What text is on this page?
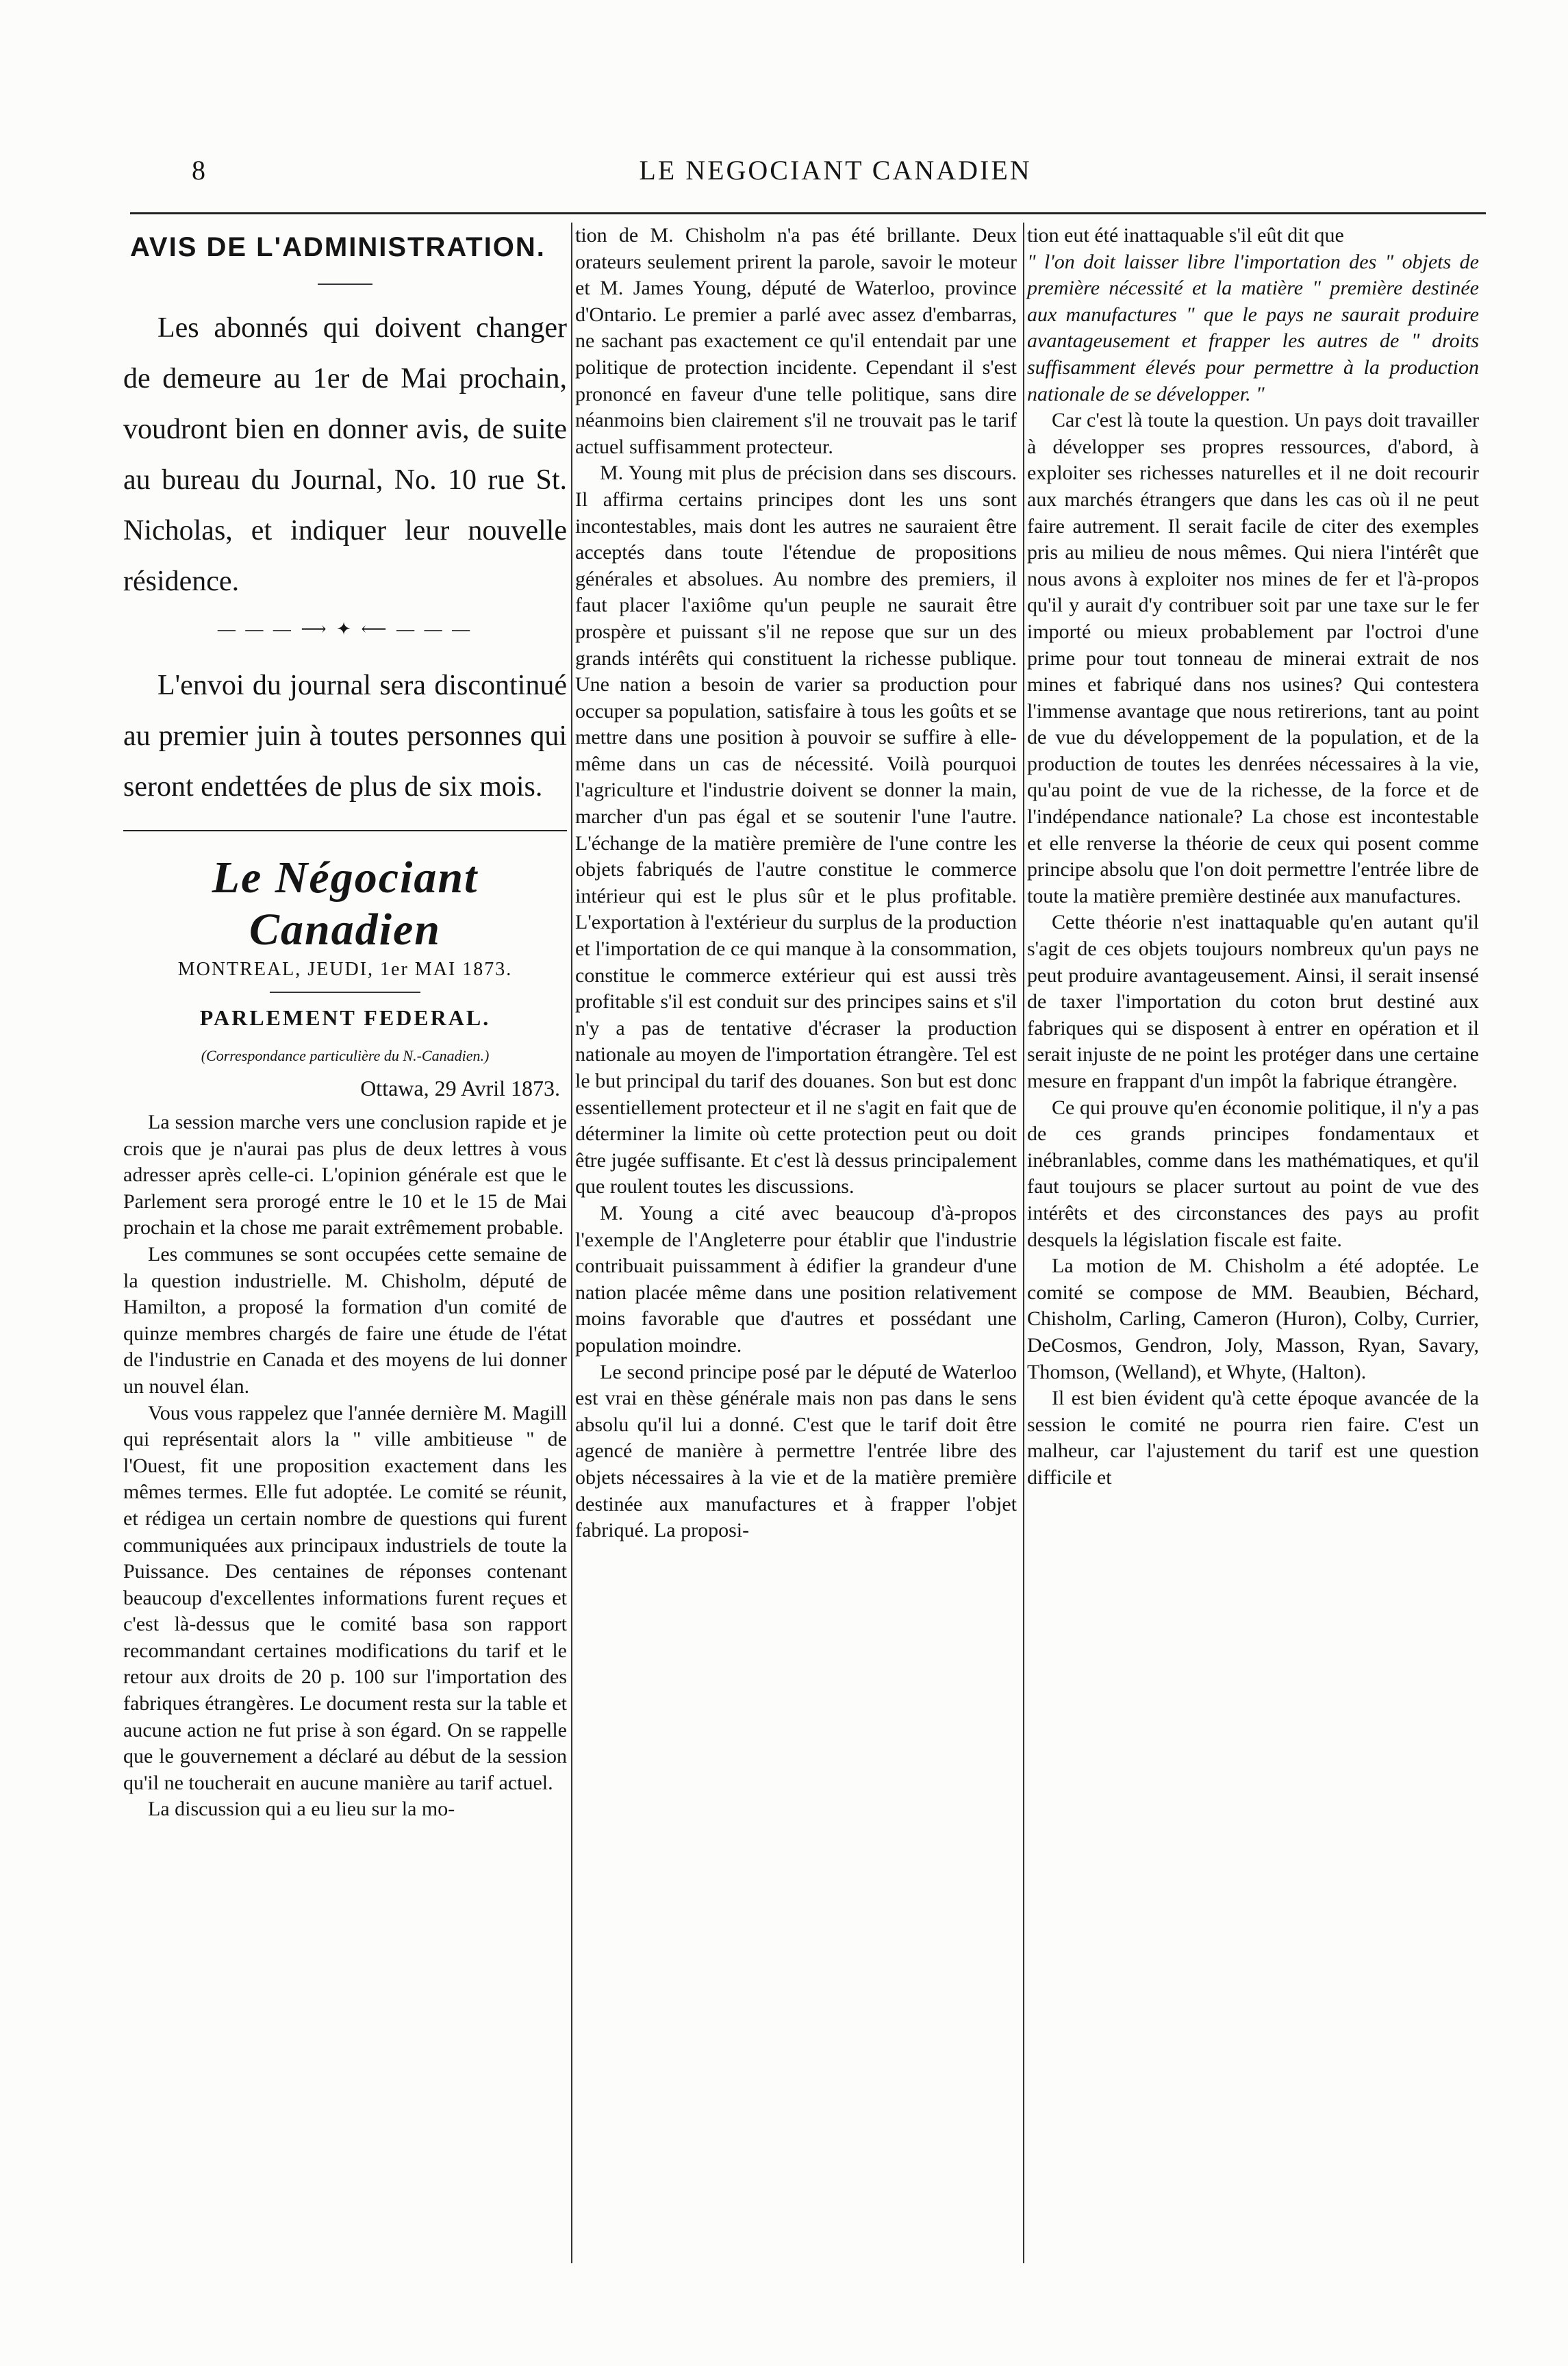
8	LE NEGOCIANT CANADIEN
AVIS DE L'ADMINISTRATION.

Les abonnés qui doivent changer de demeure au 1er de Mai prochain, voudront bien en donner avis, de suite au bureau du Journal, No. 10 rue St. Nicholas, et indiquer leur nouvelle résidence.

— — — ⟶ ✦ ⟵ — — —

L'envoi du journal sera discontinué au premier juin à toutes personnes qui seront endettées de plus de six mois.

Le Négociant Canadien
MONTREAL, JEUDI, 1er MAI 1873.
PARLEMENT FEDERAL.
(Correspondance particulière du N.-Canadien.)
Ottawa, 29 Avril 1873.

La session marche vers une conclusion rapide et je crois que je n'aurai pas plus de deux lettres à vous adresser après celle-ci. L'opinion générale est que le Parlement sera prorogé entre le 10 et le 15 de Mai prochain et la chose me parait extrêmement probable.

Les communes se sont occupées cette semaine de la question industrielle. M. Chisholm, député de Hamilton, a proposé la formation d'un comité de quinze membres chargés de faire une étude de l'état de l'industrie en Canada et des moyens de lui donner un nouvel élan.

Vous vous rappelez que l'année dernière M. Magill qui représentait alors la " ville ambitieuse " de l'Ouest, fit une proposition exactement dans les mêmes termes. Elle fut adoptée. Le comité se réunit, et rédigea un certain nombre de questions qui furent communiquées aux principaux industriels de toute la Puissance. Des centaines de réponses contenant beaucoup d'excellentes informations furent reçues et c'est là-dessus que le comité basa son rapport recommandant certaines modifications du tarif et le retour aux droits de 20 p. 100 sur l'importation des fabriques étrangères. Le document resta sur la table et aucune action ne fut prise à son égard. On se rappelle que le gouvernement a déclaré au début de la session qu'il ne toucherait en aucune manière au tarif actuel.

La discussion qui a eu lieu sur la mo-

tion de M. Chisholm n'a pas été brillante. Deux orateurs seulement prirent la parole, savoir le moteur et M. James Young, député de Waterloo, province d'Ontario. Le premier a parlé avec assez d'embarras, ne sachant pas exactement ce qu'il entendait par une politique de protection incidente. Cependant il s'est prononcé en faveur d'une telle politique, sans dire néanmoins bien clairement s'il ne trouvait pas le tarif actuel suffisamment protecteur.

M. Young mit plus de précision dans ses discours. Il affirma certains principes dont les uns sont incontestables, mais dont les autres ne sauraient être acceptés dans toute l'étendue de propositions générales et absolues. Au nombre des premiers, il faut placer l'axiôme qu'un peuple ne saurait être prospère et puissant s'il ne repose que sur un des grands intérêts qui constituent la richesse publique. Une nation a besoin de varier sa production pour occuper sa population, satisfaire à tous les goûts et se mettre dans une position à pouvoir se suffire à elle-même dans un cas de nécessité. Voilà pourquoi l'agriculture et l'industrie doivent se donner la main, marcher d'un pas égal et se soutenir l'une l'autre. L'échange de la matière première de l'une contre les objets fabriqués de l'autre constitue le commerce intérieur qui est le plus sûr et le plus profitable. L'exportation à l'extérieur du surplus de la production et l'importation de ce qui manque à la consommation, constitue le commerce extérieur qui est aussi très profitable s'il est conduit sur des principes sains et s'il n'y a pas de tentative d'écraser la production nationale au moyen de l'importation étrangère. Tel est le but principal du tarif des douanes. Son but est donc essentiellement protecteur et il ne s'agit en fait que de déterminer la limite où cette protection peut ou doit être jugée suffisante. Et c'est là dessus principalement que roulent toutes les discussions.

M. Young a cité avec beaucoup d'à-propos l'exemple de l'Angleterre pour établir que l'industrie contribuait puissamment à édifier la grandeur d'une nation placée même dans une position relativement moins favorable que d'autres et possédant une population moindre.

Le second principe posé par le député de Waterloo est vrai en thèse générale mais non pas dans le sens absolu qu'il lui a donné. C'est que le tarif doit être agencé de manière à permettre l'entrée libre des objets nécessaires à la vie et de la matière première destinée aux manufactures et à frapper l'objet fabriqué. La proposi-

tion eut été inattaquable s'il eût dit que

" l'on doit laisser libre l'importation des " objets de première nécessité et la matière " première destinée aux manufactures " que le pays ne saurait produire avantageusement et frapper les autres de " droits suffisamment élevés pour permettre à la production nationale de se développer. "

Car c'est là toute la question. Un pays doit travailler à développer ses propres ressources, d'abord, à exploiter ses richesses naturelles et il ne doit recourir aux marchés étrangers que dans les cas où il ne peut faire autrement. Il serait facile de citer des exemples pris au milieu de nous mêmes. Qui niera l'intérêt que nous avons à exploiter nos mines de fer et l'à-propos qu'il y aurait d'y contribuer soit par une taxe sur le fer importé ou mieux probablement par l'octroi d'une prime pour tout tonneau de minerai extrait de nos mines et fabriqué dans nos usines? Qui contestera l'immense avantage que nous retirerions, tant au point de vue du développement de la population, et de la production de toutes les denrées nécessaires à la vie, qu'au point de vue de la richesse, de la force et de l'indépendance nationale? La chose est incontestable et elle renverse la théorie de ceux qui posent comme principe absolu que l'on doit permettre l'entrée libre de toute la matière première destinée aux manufactures.

Cette théorie n'est inattaquable qu'en autant qu'il s'agit de ces objets toujours nombreux qu'un pays ne peut produire avantageusement. Ainsi, il serait insensé de taxer l'importation du coton brut destiné aux fabriques qui se disposent à entrer en opération et il serait injuste de ne point les protéger dans une certaine mesure en frappant d'un impôt la fabrique étrangère.

Ce qui prouve qu'en économie politique, il n'y a pas de ces grands principes fondamentaux et inébranlables, comme dans les mathématiques, et qu'il faut toujours se placer surtout au point de vue des intérêts et des circonstances des pays au profit desquels la législation fiscale est faite.

La motion de M. Chisholm a été adoptée. Le comité se compose de MM. Beaubien, Béchard, Chisholm, Carling, Cameron (Huron), Colby, Currier, DeCosmos, Gendron, Joly, Masson, Ryan, Savary, Thomson, (Welland), et Whyte, (Halton).

Il est bien évident qu'à cette époque avancée de la session le comité ne pourra rien faire. C'est un malheur, car l'ajustement du tarif est une question difficile et
